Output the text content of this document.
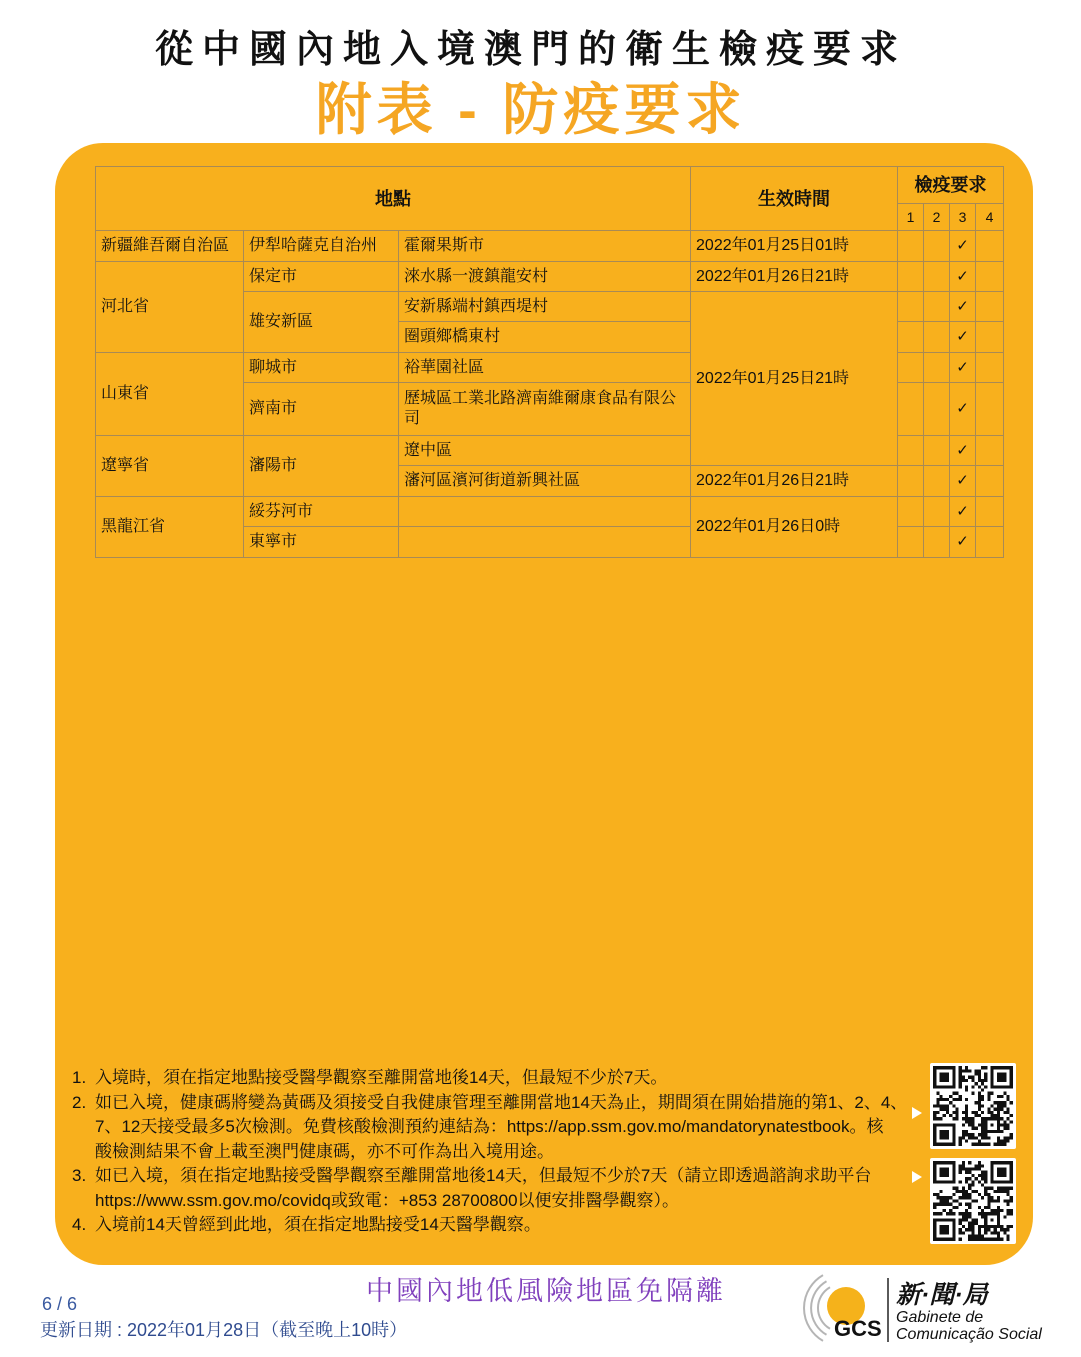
從中國內地入境澳門的衛生檢疫要求
附表 - 防疫要求
地點			生效時間	檢疫要求			
				1	2	3	4
新疆維吾爾自治區	伊犁哈薩克自治州	霍爾果斯市	2022年01月25日01時			✓	
河北省	保定市	淶水縣一渡鎮龍安村	2022年01月26日21時			✓	
	雄安新區	安新縣端村鎮西堤村	2022年01月25日21時			✓	
		圈頭鄉橋東村				✓	
山東省	聊城市	裕華園社區				✓	
	濟南市	歷城區工業北路濟南維爾康食品有限公司				✓	
遼寧省	瀋陽市	遼中區				✓	
		瀋河區濱河街道新興社區	2022年01月26日21時			✓	
黑龍江省	綏芬河市		2022年01月26日0時			✓	
	東寧市					✓	
1. 入境時，須在指定地點接受醫學觀察至離開當地後14天，但最短不少於7天。
2. 如已入境，健康碼將變為黃碼及須接受自我健康管理至離開當地14天為止，期間須在開始措施的第1、2、4、
7、12天接受最多5次檢測。免費核酸檢測預約連結為：https://app.ssm.gov.mo/mandatorynatestbook。核
酸檢測結果不會上載至澳門健康碼，亦不可作為出入境用途。
3. 如已入境，須在指定地點接受醫學觀察至離開當地後14天，但最短不少於7天（請立即透過諮詢求助平台
https://www.ssm.gov.mo/covidq或致電：+853 28700800以便安排醫學觀察）。
4. 入境前14天曾經到此地，須在指定地點接受14天醫學觀察。
6 / 6
更新日期 : 2022年01月28日（截至晚上10時）
中國內地低風險地區免隔離
GCS
新·聞·局
Gabinete de
Comunicação Social
